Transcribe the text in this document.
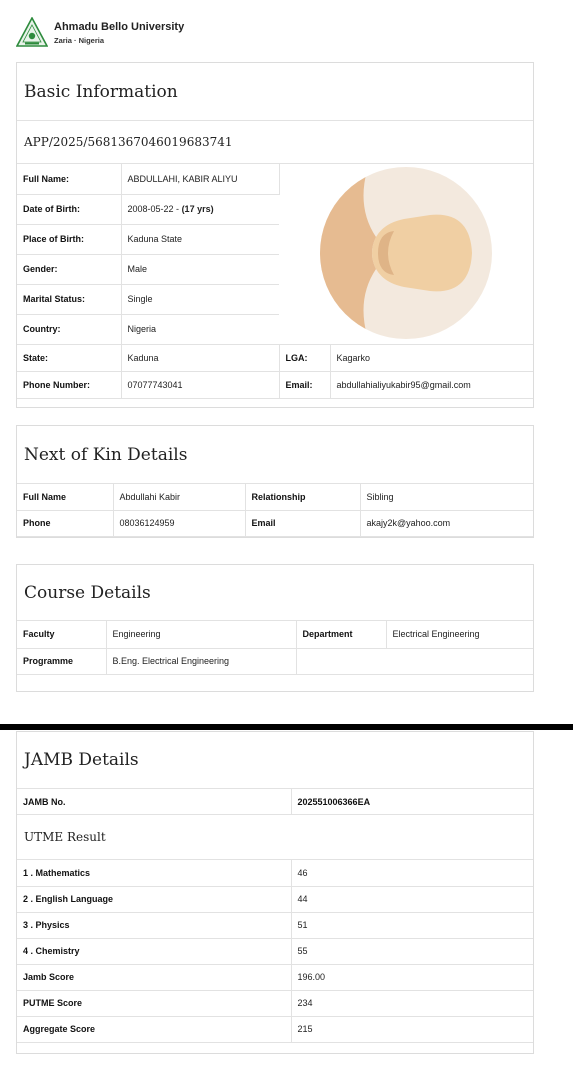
Ahmadu Bello University
Zaria · Nigeria
Basic Information
APP/2025/5681367046019683741
Full Name:	ABDULLAHI, KABIR ALIYU	
Date of Birth:	2008-05-22 - (17 yrs)		
Place of Birth:	Kaduna State		
Gender:	Male		
Marital Status:	Single		
Country:	Nigeria		
State:	Kaduna	LGA:	Kagarko
Phone Number:	07077743041	Email:	abdullahialiyukabir95@gmail.com
Next of Kin Details
Full Name	Abdullahi Kabir	Relationship	Sibling
Phone	08036124959	Email	akajy2k@yahoo.com
Course Details
Faculty	Engineering	Department	Electrical Engineering
Programme	B.Eng. Electrical Engineering		
JAMB Details
JAMB No.	202551006366EA
UTME Result
1 . Mathematics	46
2 . English Language	44
3 . Physics	51
4 . Chemistry	55
Jamb Score	196.00
PUTME Score	234
Aggregate Score	215
